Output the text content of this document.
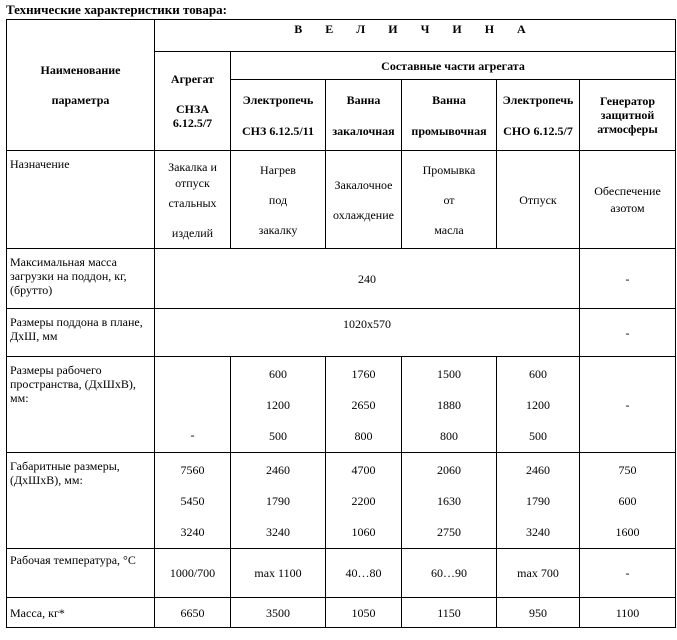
Технические характеристики товара:
Наименование
параметра	В Е Л И Ч И Н А					

	Агрегат
СНЗА
6.12.5/7	Составные части агрегата				

		Электропечь
СНЗ 6.12.5/11	Ванна
закалочная	Ванна
промывочная	Электропечь
СНО 6.12.5/7	Генератор
защитной
атмосферы

Назначение	Закалка и
отпуск
стальных
изделий	Нагрев
под
закалку	Закалочное
охлаждение	Промывка
от
масла	Отпуск	Обеспечение
азотом

Максимальная масса загрузки на поддон, кг, (брутто)	240					-
Размеры поддона в плане, ДхШ, мм	1020x570					-
Размеры рабочего пространства, (ДхШхВ), мм:	-	600
1200
500	1760
2650
800	1500
1880
800	600
1200
500	-
Габаритные размеры, (ДхШхВ), мм:	7560
5450
3240	2460
1790
3240	4700
2200
1060	2060
1630
2750	2460
1790
3240	750
600
1600

Рабочая температура, °С	1000/700	max 1100	40…80	60…90	max 700	-
Масса, кг*	6650	3500	1050	1150	950	1100
